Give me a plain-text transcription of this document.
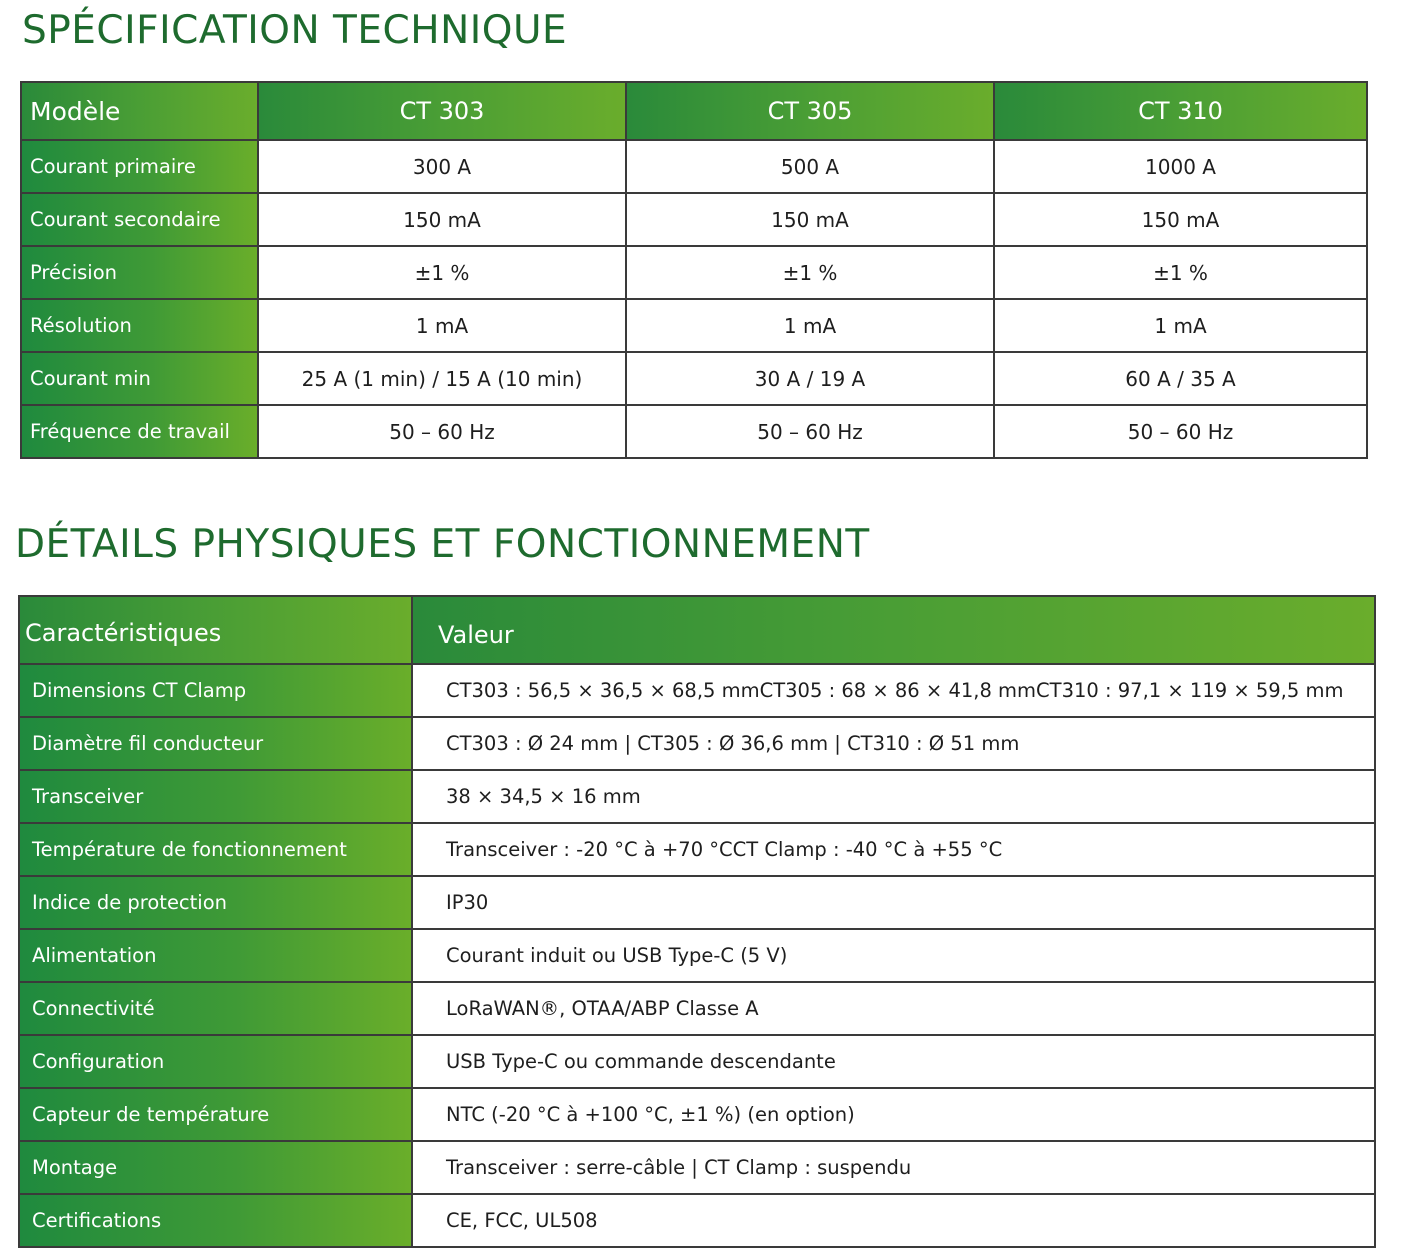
SPÉCIFICATION TECHNIQUE
Modèle	CT 303	CT 305	CT 310
Courant primaire	300 A	500 A	1000 A
Courant secondaire	150 mA	150 mA	150 mA
Précision	±1 %	±1 %	±1 %
Résolution	1 mA	1 mA	1 mA
Courant min	25 A (1 min) / 15 A (10 min)	30 A / 19 A	60 A / 35 A
Fréquence de travail	50 – 60 Hz	50 – 60 Hz	50 – 60 Hz
DÉTAILS PHYSIQUES ET FONCTIONNEMENT
Caractéristiques	Valeur
Dimensions CT Clamp	CT303 : 56,5 × 36,5 × 68,5 mmCT305 : 68 × 86 × 41,8 mmCT310 : 97,1 × 119 × 59,5 mm
Diamètre fil conducteur	CT303 : Ø 24 mm | CT305 : Ø 36,6 mm | CT310 : Ø 51 mm
Transceiver	38 × 34,5 × 16 mm
Température de fonctionnement	Transceiver : -20 °C à +70 °CCT Clamp : -40 °C à +55 °C
Indice de protection	IP30
Alimentation	Courant induit ou USB Type-C (5 V)
Connectivité	LoRaWAN®, OTAA/ABP Classe A
Configuration	USB Type-C ou commande descendante
Capteur de température	NTC (-20 °C à +100 °C, ±1 %) (en option)
Montage	Transceiver : serre-câble | CT Clamp : suspendu
Certifications	CE, FCC, UL508
